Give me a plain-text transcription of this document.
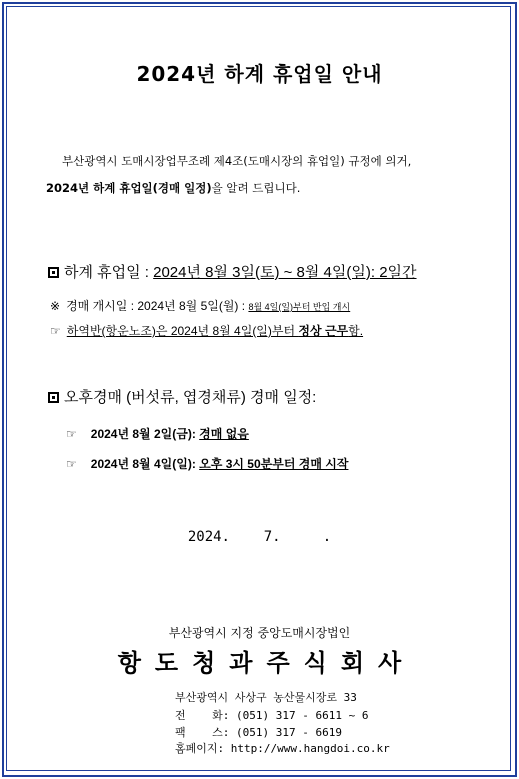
2024년 하계 휴업일 안내
부산광역시 도매시장업무조례 제4조(도매시장의 휴업일) 규정에 의거,
2024년 하계 휴업일(경매 일정)을 알려 드립니다.
하계 휴업일 : 2024년 8월 3일(토) ~ 8월 4일(일): 2일간
※ 경매 개시일 : 2024년 8월 5일(월) : 8월 4일(일)부터 반입 개시
☞ 하역반(항운노조)은 2024년 8월 4일(일)부터 정상 근무함.
오후경매 (버섯류, 엽경채류) 경매 일정:
☞ 2024년 8월 2일(금): 경매 없음
☞ 2024년 8월 4일(일): 오후 3시 50분부터 경매 시작
2024.    7.     .
부산광역시 지정 중앙도매시장법인
항도청과주식회사
부산광역시 사상구 농산물시장로 33
전    화: (051) 317 - 6611 ~ 6
팩    스: (051) 317 - 6619
홈페이지: http://www.hangdoi.co.kr
